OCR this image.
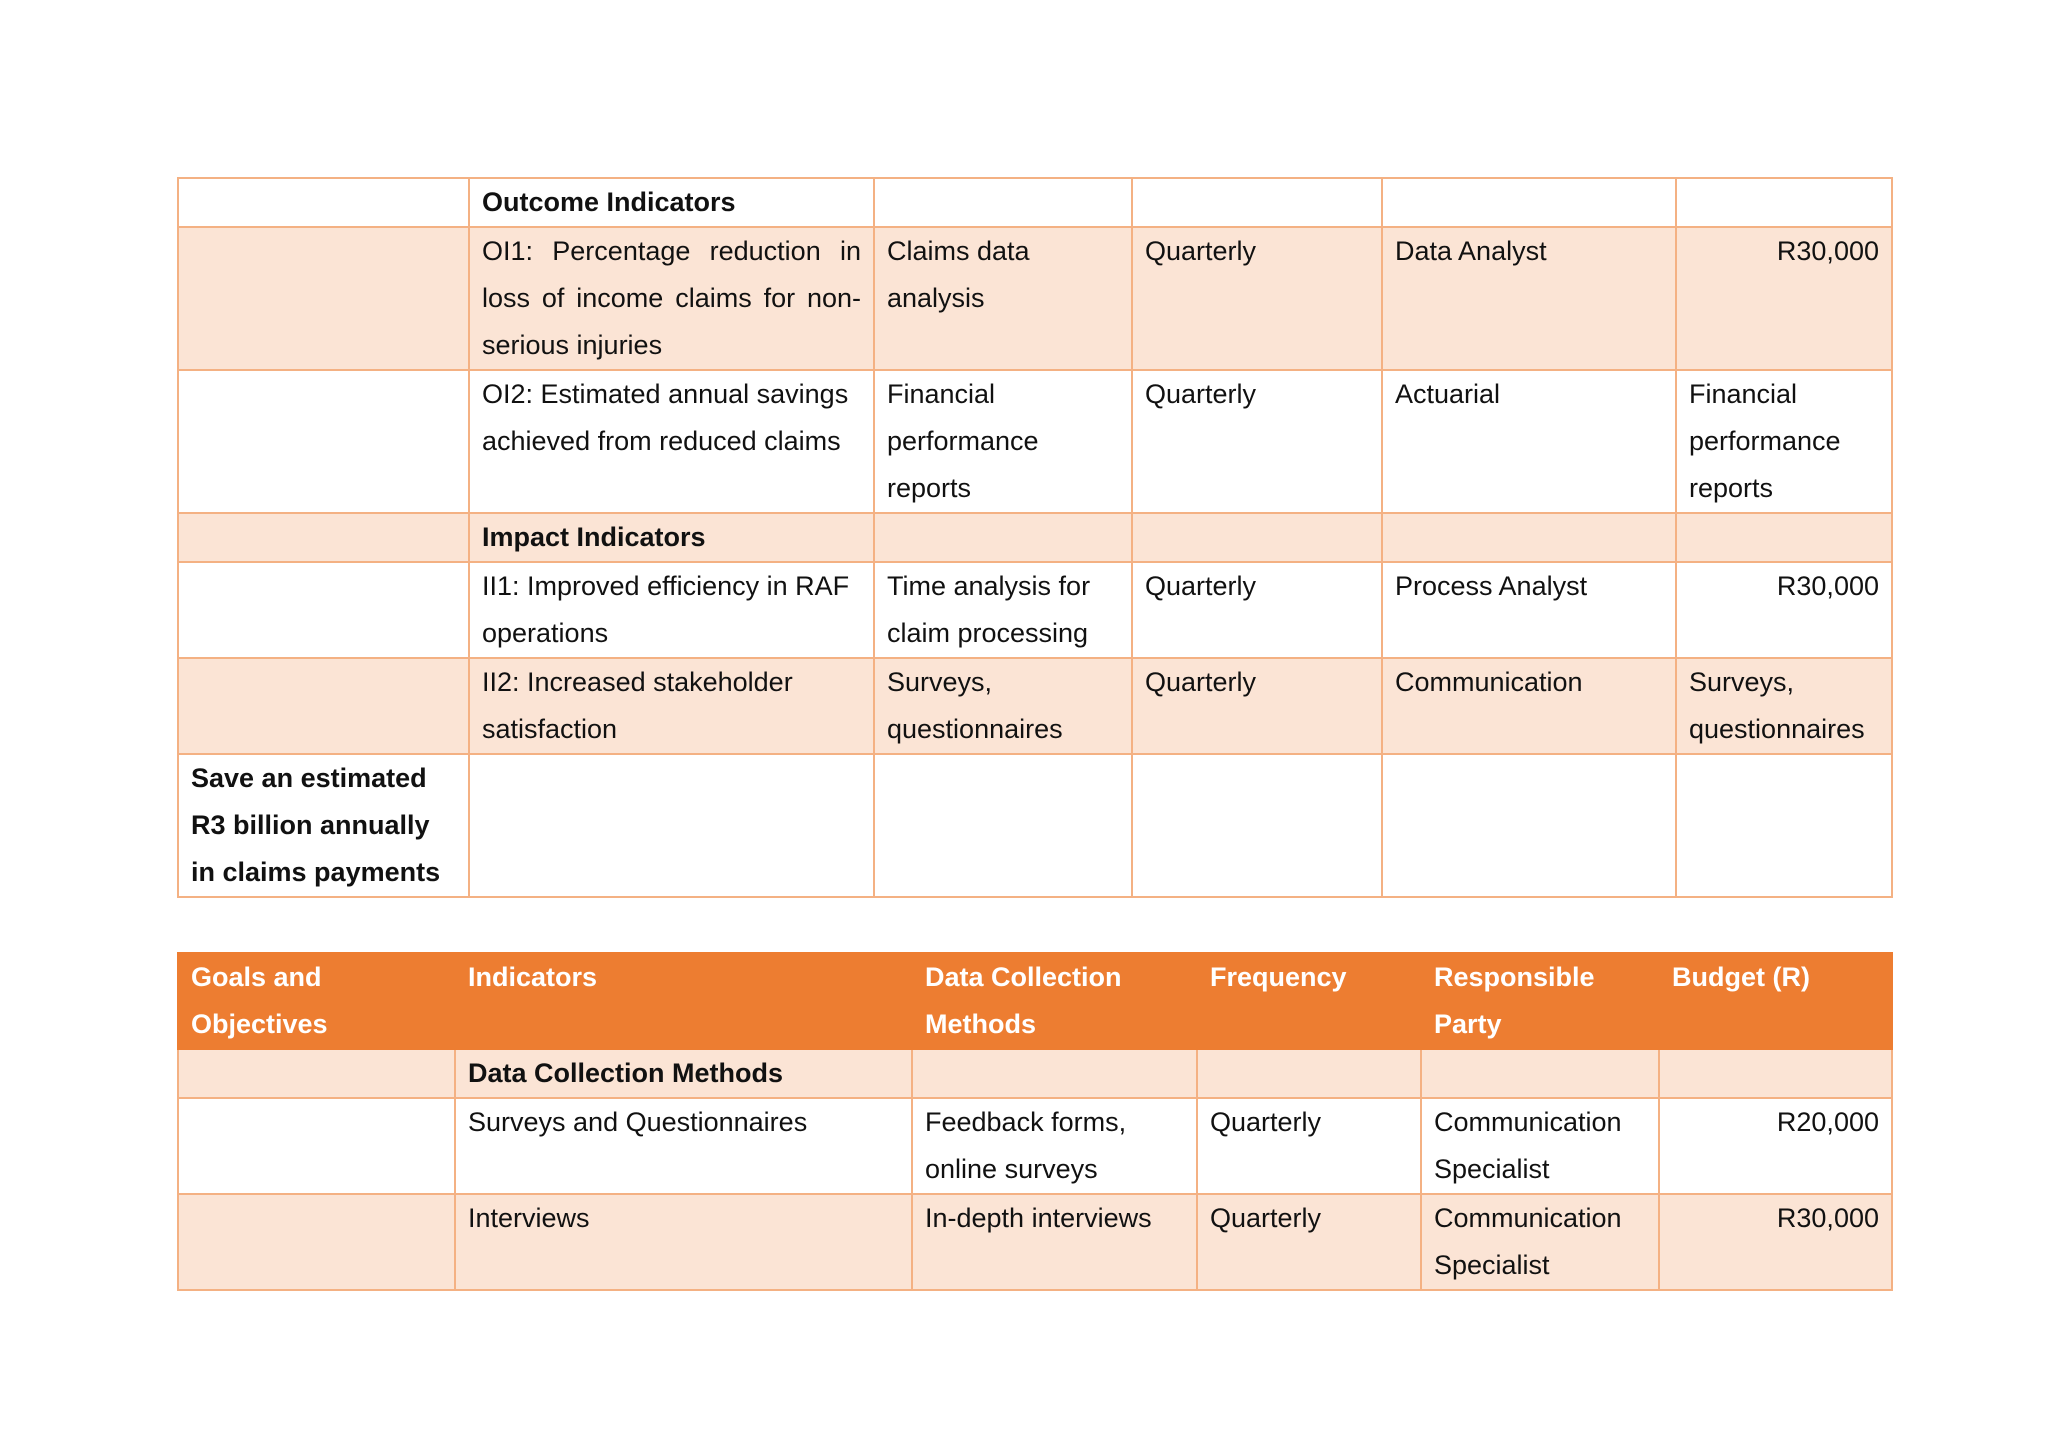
	Outcome Indicators				
	OI1: Percentage reduction in loss of income claims for non-serious injuries	Claims data analysis	Quarterly	Data Analyst	R30,000
	OI2: Estimated annual savings achieved from reduced claims	Financial performance reports	Quarterly	Actuarial	Financial performance reports
	Impact Indicators				
	II1: Improved efficiency in RAF operations	Time analysis for claim processing	Quarterly	Process Analyst	R30,000
	II2: Increased stakeholder satisfaction	Surveys, questionnaires	Quarterly	Communication	Surveys, questionnaires
Save an estimated R3 billion annually in claims payments					
Goals and Objectives	Indicators	Data Collection Methods	Frequency	Responsible Party	Budget (R)
	Data Collection Methods				
	Surveys and Questionnaires	Feedback forms, online surveys	Quarterly	Communication Specialist	R20,000
	Interviews	In-depth interviews	Quarterly	Communication Specialist	R30,000
